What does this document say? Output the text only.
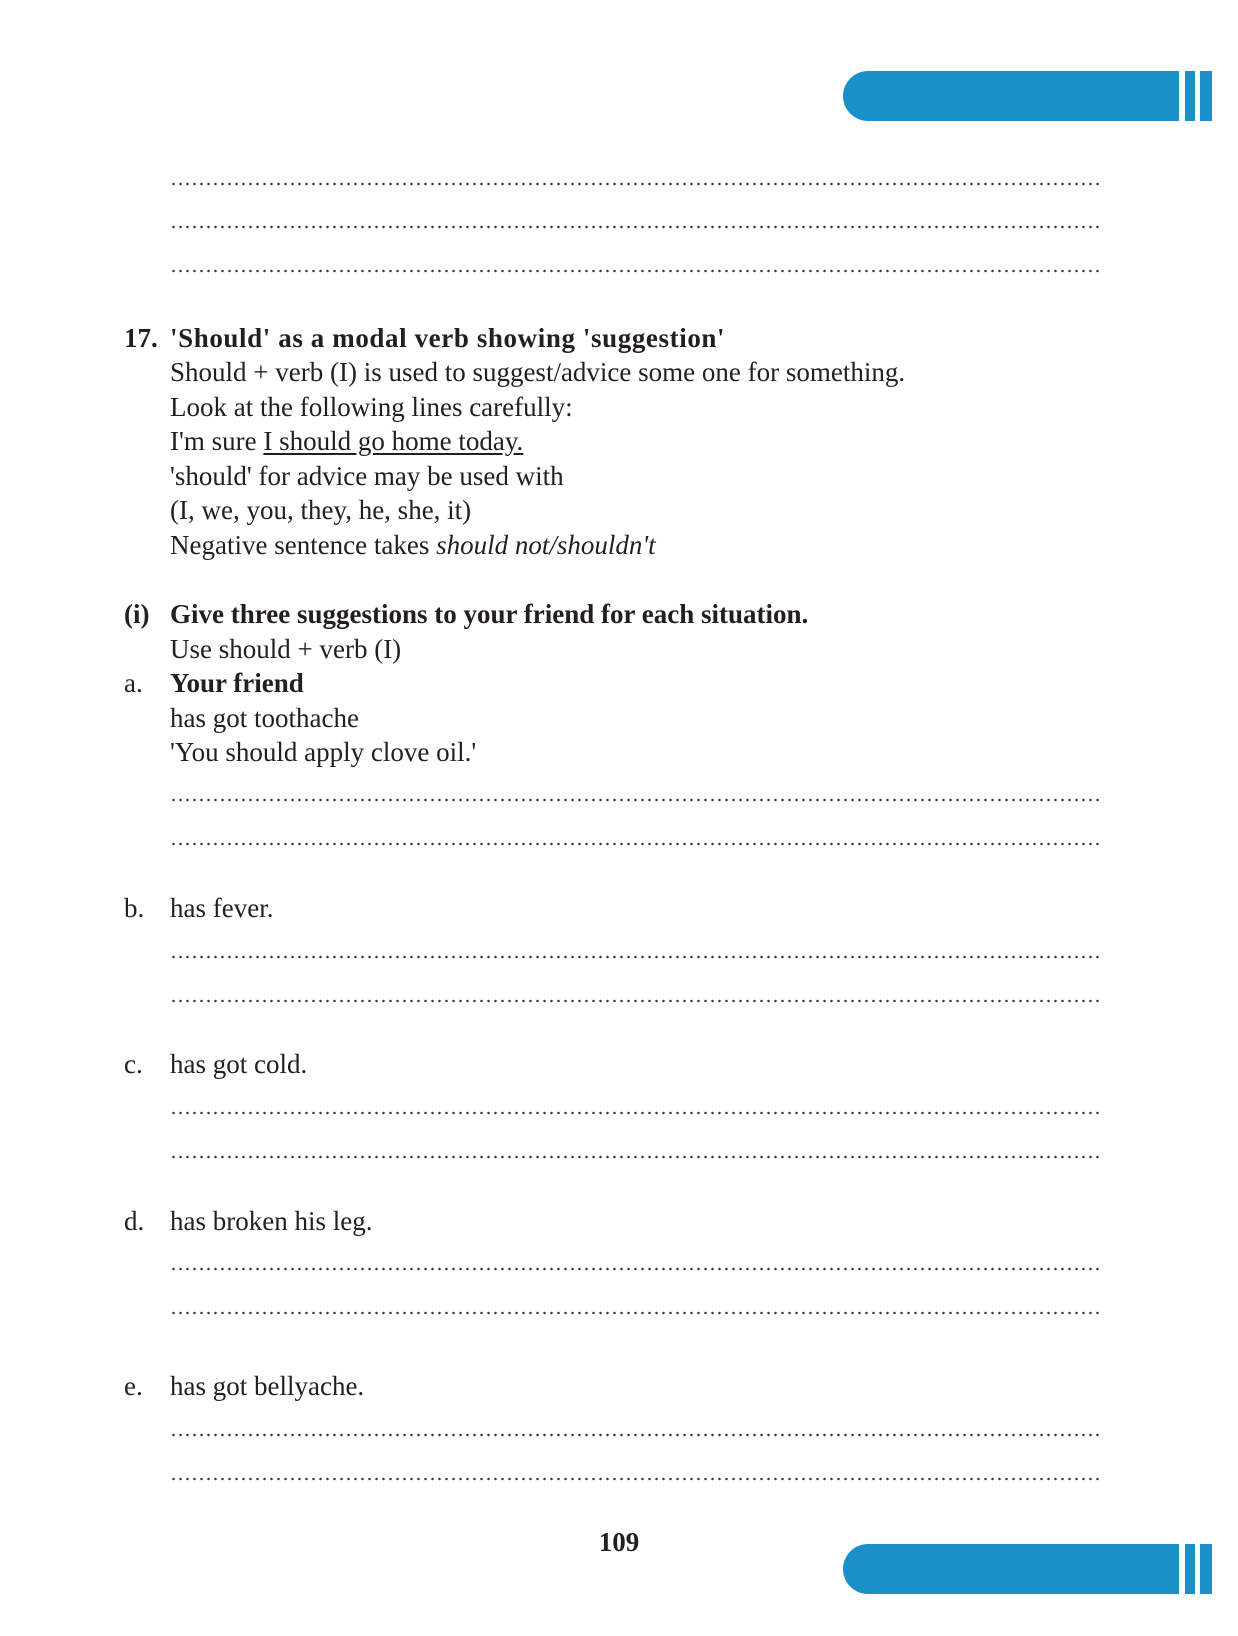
17. 'Should' as a modal verb showing 'suggestion'
Should + verb (I) is used to suggest/advice some one for something.
Look at the following lines carefully:
I'm sure I should go home today.
'should' for advice may be used with
(I, we, you, they, he, she, it)
Negative sentence takes should not/shouldn't
(i) Give three suggestions to your friend for each situation.
Use should + verb (I)
a. Your friend
has got toothache
'You should apply clove oil.'
b. has fever.
c. has got cold.
d. has broken his leg.
e. has got bellyache.
109
